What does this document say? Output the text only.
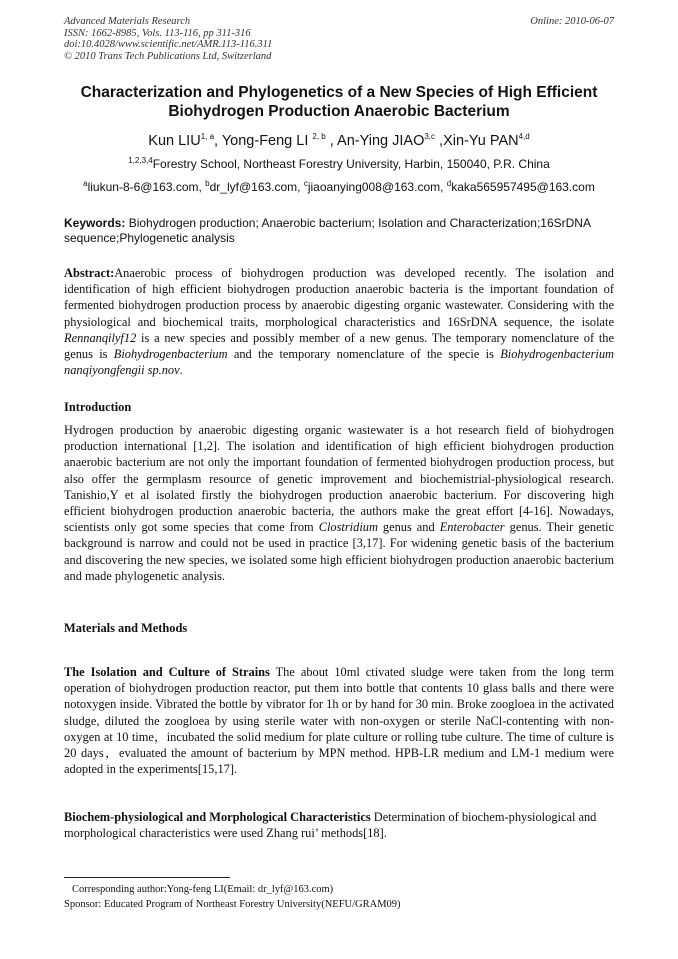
Advanced Materials Research
ISSN: 1662-8985, Vols. 113-116, pp 311-316
doi:10.4028/www.scientific.net/AMR.113-116.311
© 2010 Trans Tech Publications Ltd, Switzerland
Online: 2010-06-07
Characterization and Phylogenetics of a New Species of High Efficient
Biohydrogen Production Anaerobic Bacterium
Kun LIU$^{1, a}$, Yong-Feng LI $^{2, b}$ , An-Ying JIAO$^{3,c}$ ,Xin-Yu PAN$^{4,d}$
$^{1,2,3,4}$Forestry School, Northeast Forestry University, Harbin, 150040, P.R. China
$^a$liukun-8-6@163.com, $^b$dr_lyf@163.com, $^c$jiaoanying008@163.com, $^d$kaka565957495@163.com
Keywords: Biohydrogen production; Anaerobic bacterium; Isolation and Characterization;16SrDNA sequence;Phylogenetic analysis
Abstract:Anaerobic process of biohydrogen production was developed recently. The isolation and identification of high efficient biohydrogen production anaerobic bacteria is the important foundation of fermented biohydrogen production process by anaerobic digesting organic wastewater. Considering with the physiological and biochemical traits, morphological characteristics and 16SrDNA sequence, the isolate Rennanqilyf12 is a new species and possibly member of a new genus. The temporary nomenclature of the genus is Biohydrogenbacterium and the temporary nomenclature of the specie is Biohydrogenbacterium nanqiyongfengii sp.nov.
Introduction
Hydrogen production by anaerobic digesting organic wastewater is a hot research field of biohydrogen production international [1,2]. The isolation and identification of high efficient biohydrogen production anaerobic bacterium are not only the important foundation of fermented biohydrogen production process, but also offer the germplasm resource of genetic improvement and biochemistrial-physiological research. Tanishio,Y et al isolated firstly the biohydrogen production anaerobic bacterium. For discovering high efficient biohydrogen production anaerobic bacteria, the authors make the great effort [4-16]. Nowadays, scientists only got some species that come from Clostridium genus and Enterobacter genus. Their genetic background is narrow and could not be used in practice [3,17]. For widening genetic basis of the bacterium and discovering the new species, we isolated some high efficient biohydrogen production anaerobic bacterium and made phylogenetic analysis.
Materials and Methods
The Isolation and Culture of Strains The about 10ml ctivated sludge were taken from the long term operation of biohydrogen production reactor, put them into bottle that contents 10 glass balls and there were notoxygen inside. Vibrated the bottle by vibrator for 1h or by hand for 30 min. Broke zoogloea in the activated sludge, diluted the zoogloea by using sterile water with non-oxygen or sterile NaCl-contenting with non-oxygen at 10 time，incubated the solid medium for plate culture or rolling tube culture. The time of culture is 20 days，evaluated the amount of bacterium by MPN method. HPB-LR medium and LM-1 medium were adopted in the experiments[15,17].
Biochem-physiological and Morphological Characteristics Determination of biochem-physiological and morphological characteristics were used Zhang rui’ methods[18].
Corresponding author:Yong-feng LI(Email: dr_lyf@163.com)
Sponsor: Educated Program of Northeast Forestry University(NEFU/GRAM09)
